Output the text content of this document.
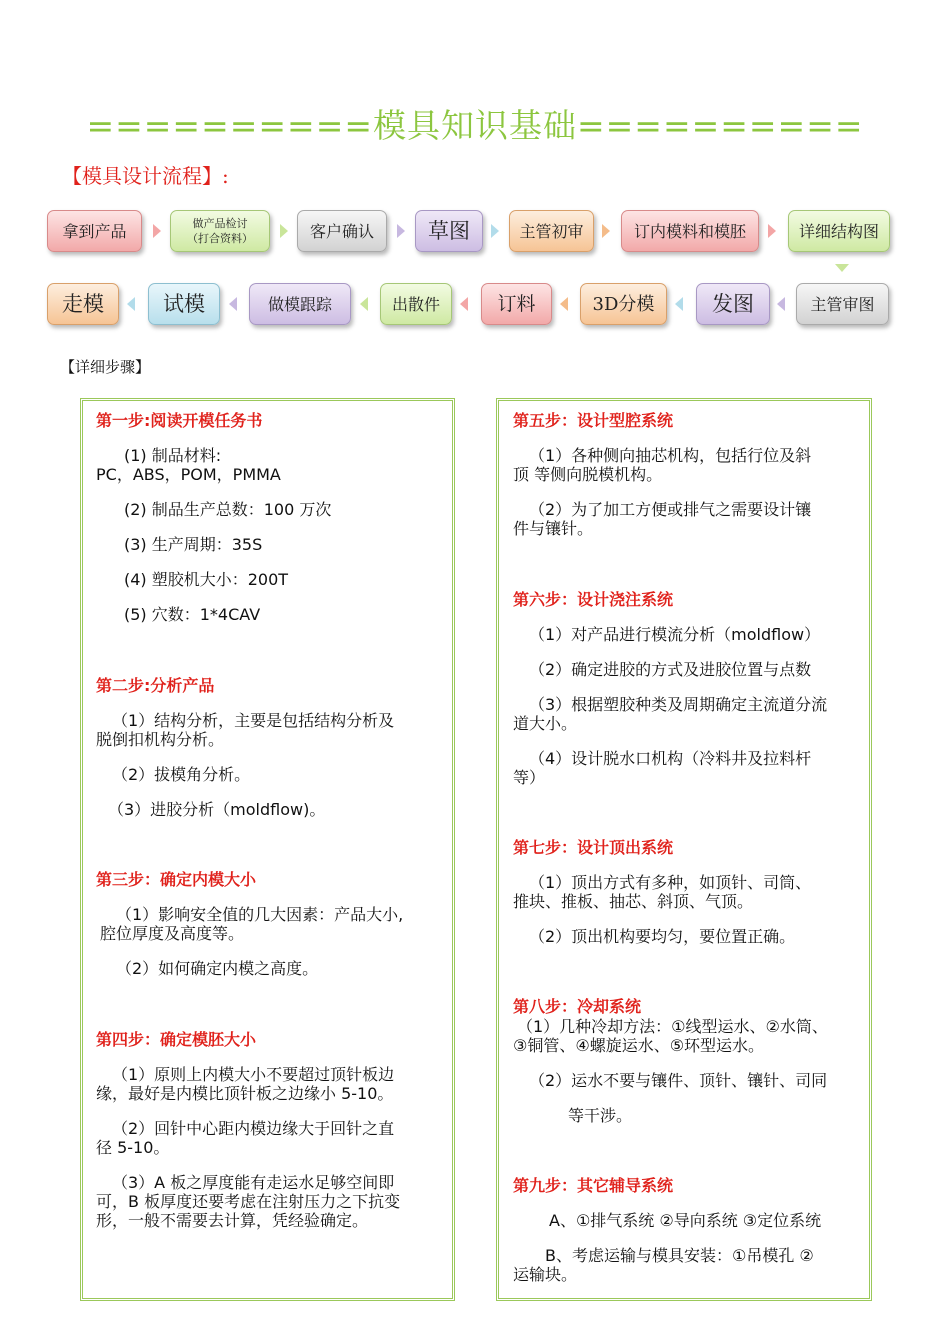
==========模具知识基础==========
【模具设计流程】:
拿到产品	做产品检讨（打合资料）	客户确认	草图	主管初审	订内模料和模胚	详细结构图
主管审图
发图
3D分模
订料
出散件
做模跟踪
试模
走模
【详细步骤】
第一步:阅读开模任务书
(1) 制品材料:
PC，ABS，POM，PMMA
(2) 制品生产总数：100 万次
(3) 生产周期：35S
(4) 塑胶机大小：200T
(5) 穴数：1*4CAV
第二步:分析产品
（1）结构分析，主要是包括结构分析及
脱倒扣机构分析。
（2）拔模角分析。
（3）进胶分析（moldflow)。
第三步：确定内模大小
（1）影响安全值的几大因素：产品大小,
腔位厚度及高度等。
（2）如何确定内模之高度。
第四步：确定模胚大小
（1）原则上内模大小不要超过顶针板边
缘，最好是内模比顶针板之边缘小 5-10。
（2）回针中心距内模边缘大于回针之直
径 5-10。
（3）A 板之厚度能有走运水足够空间即
可，B 板厚度还要考虑在注射压力之下抗变
形，一般不需要去计算，凭经验确定。
第五步：设计型腔系统
（1）各种侧向抽芯机构，包括行位及斜
顶 等侧向脱模机构。
（2）为了加工方便或排气之需要设计镶
件与镶针。
第六步：设计浇注系统
（1）对产品进行模流分析（moldflow）
（2）确定进胶的方式及进胶位置与点数
（3）根据塑胶种类及周期确定主流道分流
道大小。
（4）设计脱水口机构（冷料井及拉料杆
等）
第七步：设计顶出系统
（1）顶出方式有多种，如顶针、司筒、
推块、推板、抽芯、斜顶、气顶。
（2）顶出机构要均匀，要位置正确。
第八步：冷却系统
（1）几种冷却方法：①线型运水、②水筒、
③铜管、④螺旋运水、⑤环型运水。
（2）运水不要与镶件、顶针、镶针、司同
等干涉。
第九步：其它辅导系统
A、①排气系统 ②导向系统 ③定位系统
B、考虑运输与模具安装：①吊模孔 ②
运输块。
